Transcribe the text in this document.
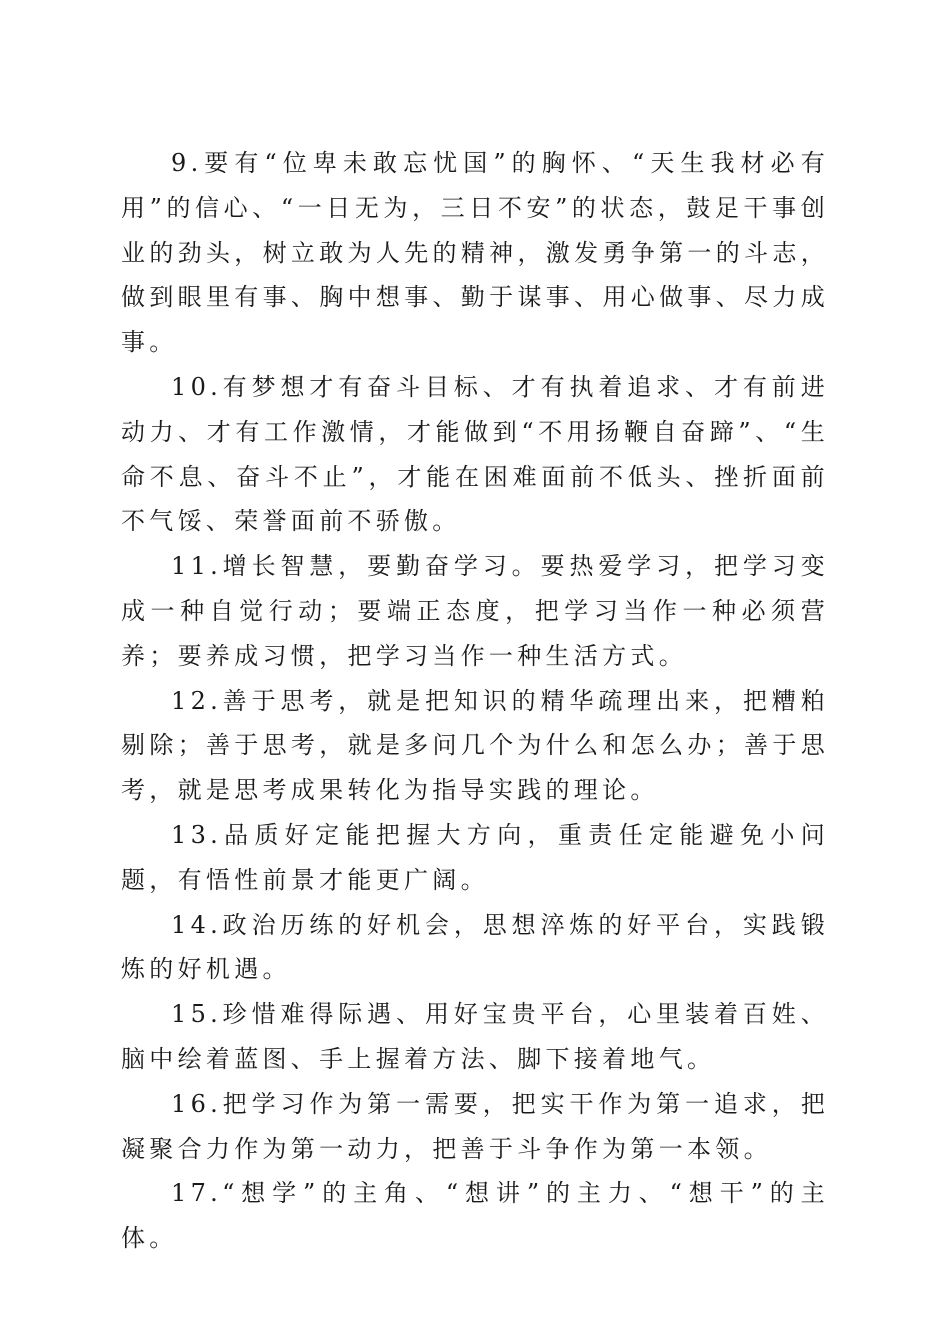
9.要有“位卑未敢忘忧国”的胸怀、“天生我材必有用”的信心、“一日无为，三日不安”的状态，鼓足干事创业的劲头，树立敢为人先的精神，激发勇争第一的斗志，做到眼里有事、胸中想事、勤于谋事、用心做事、尽力成事。

10.有梦想才有奋斗目标、才有执着追求、才有前进动力、才有工作激情，才能做到“不用扬鞭自奋蹄”、“生命不息、奋斗不止”，才能在困难面前不低头、挫折面前不气馁、荣誉面前不骄傲。

11.增长智慧，要勤奋学习。要热爱学习，把学习变成一种自觉行动；要端正态度，把学习当作一种必须营养；要养成习惯，把学习当作一种生活方式。

12.善于思考，就是把知识的精华疏理出来，把糟粕剔除；善于思考，就是多问几个为什么和怎么办；善于思考，就是思考成果转化为指导实践的理论。

13.品质好定能把握大方向，重责任定能避免小问题，有悟性前景才能更广阔。

14.政治历练的好机会，思想淬炼的好平台，实践锻炼的好机遇。

15.珍惜难得际遇、用好宝贵平台，心里装着百姓、脑中绘着蓝图、手上握着方法、脚下接着地气。

16.把学习作为第一需要，把实干作为第一追求，把凝聚合力作为第一动力，把善于斗争作为第一本领。

17.“想学”的主角、“想讲”的主力、“想干”的主体。
